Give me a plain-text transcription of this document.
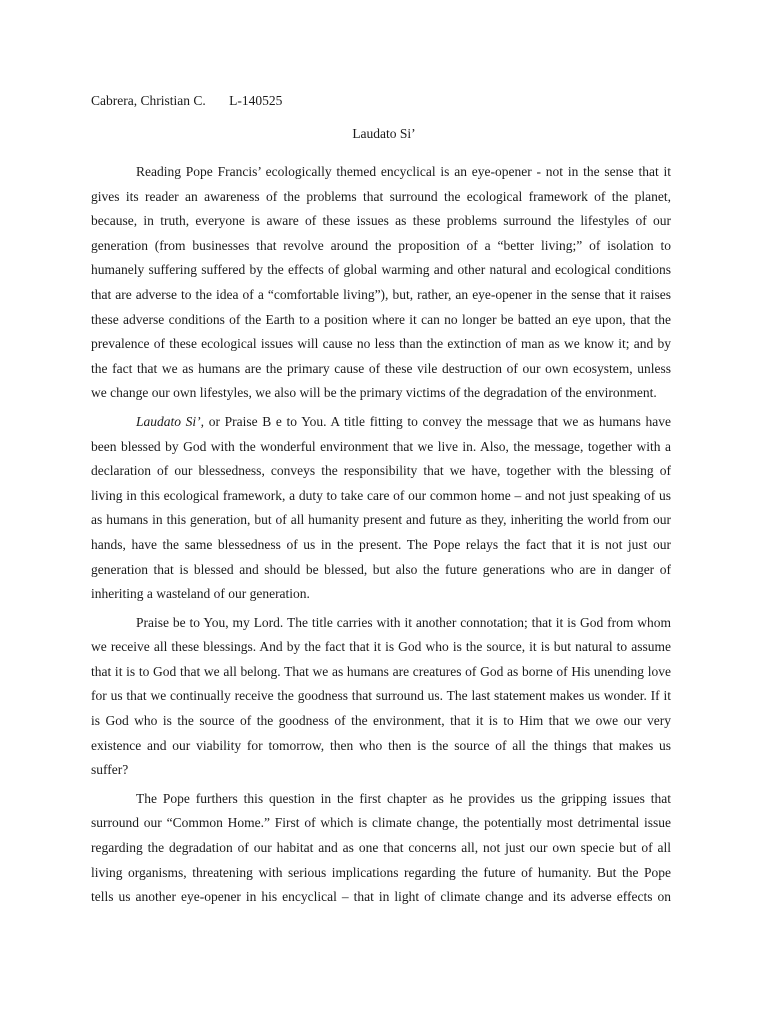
Cabrera, Christian C. L-140525
Laudato Si’
Reading Pope Francis’ ecologically themed encyclical is an eye-opener - not in the sense that it
gives its reader an awareness of the problems that surround the ecological framework of the planet,
because, in truth, everyone is aware of these issues as these problems surround the lifestyles of our
generation (from businesses that revolve around the proposition of a “better living;” of isolation to
humanely suffering suffered by the effects of global warming and other natural and ecological conditions
that are adverse to the idea of a “comfortable living”), but, rather, an eye-opener in the sense that it raises
these adverse conditions of the Earth to a position where it can no longer be batted an eye upon, that the
prevalence of these ecological issues will cause no less than the extinction of man as we know it; and by
the fact that we as humans are the primary cause of these vile destruction of our own ecosystem, unless
we change our own lifestyles, we also will be the primary victims of the degradation of the environment.
Laudato Si’, or Praise B e to You. A title fitting to convey the message that we as humans have
been blessed by God with the wonderful environment that we live in. Also, the message, together with a
declaration of our blessedness, conveys the responsibility that we have, together with the blessing of
living in this ecological framework, a duty to take care of our common home – and not just speaking of us
as humans in this generation, but of all humanity present and future as they, inheriting the world from our
hands, have the same blessedness of us in the present. The Pope relays the fact that it is not just our
generation that is blessed and should be blessed, but also the future generations who are in danger of
inheriting a wasteland of our generation.
Praise be to You, my Lord. The title carries with it another connotation; that it is God from whom
we receive all these blessings. And by the fact that it is God who is the source, it is but natural to assume
that it is to God that we all belong. That we as humans are creatures of God as borne of His unending love
for us that we continually receive the goodness that surround us. The last statement makes us wonder. If it
is God who is the source of the goodness of the environment, that it is to Him that we owe our very
existence and our viability for tomorrow, then who then is the source of all the things that makes us
suffer?
The Pope furthers this question in the first chapter as he provides us the gripping issues that
surround our “Common Home.” First of which is climate change, the potentially most detrimental issue
regarding the degradation of our habitat and as one that concerns all, not just our own specie but of all
living organisms, threatening with serious implications regarding the future of humanity. But the Pope
tells us another eye-opener in his encyclical – that in light of climate change and its adverse effects on
